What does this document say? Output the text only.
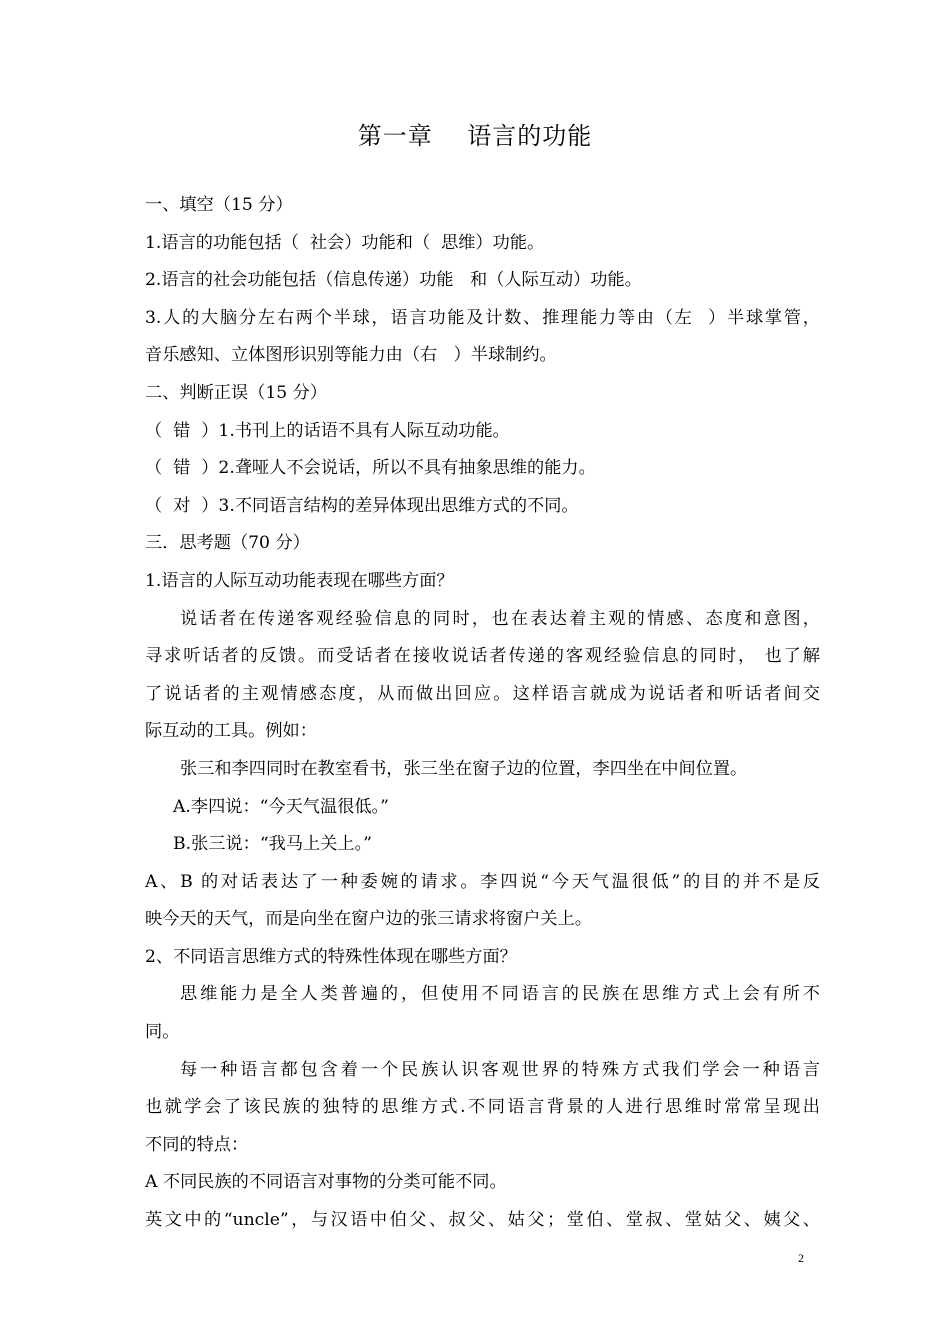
第一章    语言的功能
一、填空（15 分）
1.语言的功能包括（  社会）功能和（  思维）功能。
2.语言的社会功能包括（信息传递）功能   和（人际互动）功能。
3.人的大脑分左右两个半球，语言功能及计数、推理能力等由（左  ）半球掌管，
音乐感知、立体图形识别等能力由（右   ）半球制约。
二、判断正误（15 分）
（  错  ）1.书刊上的话语不具有人际互动功能。
（  错  ）2.聋哑人不会说话，所以不具有抽象思维的能力。
（  对  ）3.不同语言结构的差异体现出思维方式的不同。
三．思考题（70 分）
1.语言的人际互动功能表现在哪些方面？
说话者在传递客观经验信息的同时，也在表达着主观的情感、态度和意图，
寻求听话者的反馈。而受话者在接收说话者传递的客观经验信息的同时， 也了解
了说话者的主观情感态度，从而做出回应。这样语言就成为说话者和听话者间交
际互动的工具。例如：
张三和李四同时在教室看书，张三坐在窗子边的位置，李四坐在中间位置。
A.李四说：“今天气温很低。”
B.张三说：“我马上关上。”
A、B 的对话表达了一种委婉的请求。李四说“今天气温很低”的目的并不是反
映今天的天气，而是向坐在窗户边的张三请求将窗户关上。
2、不同语言思维方式的特殊性体现在哪些方面？
思维能力是全人类普遍的，但使用不同语言的民族在思维方式上会有所不
同。
每一种语言都包含着一个民族认识客观世界的特殊方式我们学会一种语言
也就学会了该民族的独特的思维方式.不同语言背景的人进行思维时常常呈现出
不同的特点：
A 不同民族的不同语言对事物的分类可能不同。
英文中的“uncle”，与汉语中伯父、叔父、姑父；堂伯、堂叔、堂姑父、姨父、
2
